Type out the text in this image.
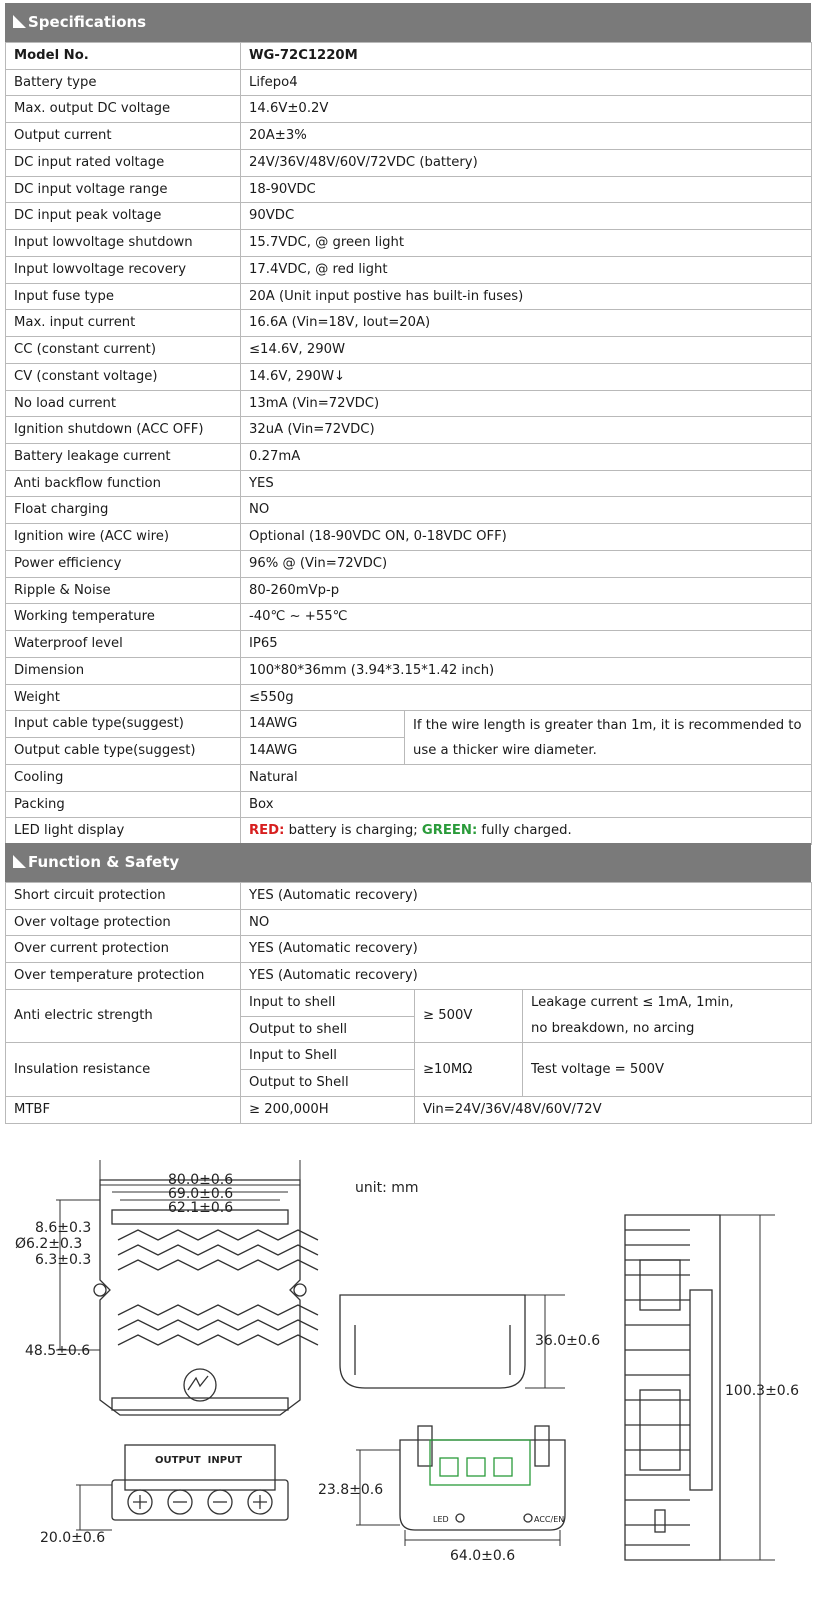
Specifications
Model No.	WG-72C1220M	
Battery type	Lifepo4	
Max. output DC voltage	14.6V±0.2V	
Output current	20A±3%	
DC input rated voltage	24V/36V/48V/60V/72VDC (battery)	
DC input voltage range	18-90VDC	
DC input peak voltage	90VDC	
Input lowvoltage shutdown	15.7VDC, @ green light	
Input lowvoltage recovery	17.4VDC, @ red light	
Input fuse type	20A (Unit input postive has built-in fuses)	
Max. input current	16.6A (Vin=18V, Iout=20A)	
CC (constant current)	≤14.6V, 290W	
CV (constant voltage)	14.6V, 290W↓	
No load current	13mA (Vin=72VDC)	
Ignition shutdown (ACC OFF)	32uA (Vin=72VDC)	
Battery leakage current	0.27mA	
Anti backflow function	YES	
Float charging	NO	
Ignition wire (ACC wire)	Optional (18-90VDC ON, 0-18VDC OFF)	
Power efficiency	96% @ (Vin=72VDC)	
Ripple & Noise	80-260mVp-p	
Working temperature	-40℃ ~ +55℃	
Waterproof level	IP65	
Dimension	100*80*36mm (3.94*3.15*1.42 inch)	
Weight	≤550g	
Input cable type(suggest)	14AWG	If the wire length is greater than 1m, it is recommended to use a thicker wire diameter.
Output cable type(suggest)	14AWG	
Cooling	Natural	
Packing	Box	
LED light display	RED: battery is charging; GREEN: fully charged.	
Function & Safety
Short circuit protection	YES (Automatic recovery)		
Over voltage protection	NO		
Over current protection	YES (Automatic recovery)		
Over temperature protection	YES (Automatic recovery)		
Anti electric strength	Input to shell	≥ 500V	Leakage current ≤ 1mA, 1min,
	Output to shell		no breakdown, no arcing
Insulation resistance	Input to Shell	≥10MΩ	Test voltage = 500V
	Output to Shell		
MTBF	≥ 200,000H	Vin=24V/36V/48V/60V/72V	
unit: mm
80.0±0.6
69.0±0.6
62.1±0.6
8.6±0.3
Ø6.2±0.3
6.3±0.3
48.5±0.6
20.0±0.6
36.0±0.6
23.8±0.6
64.0±0.6
100.3±0.6
OUTPUT  INPUT
LED	ACC/EN
